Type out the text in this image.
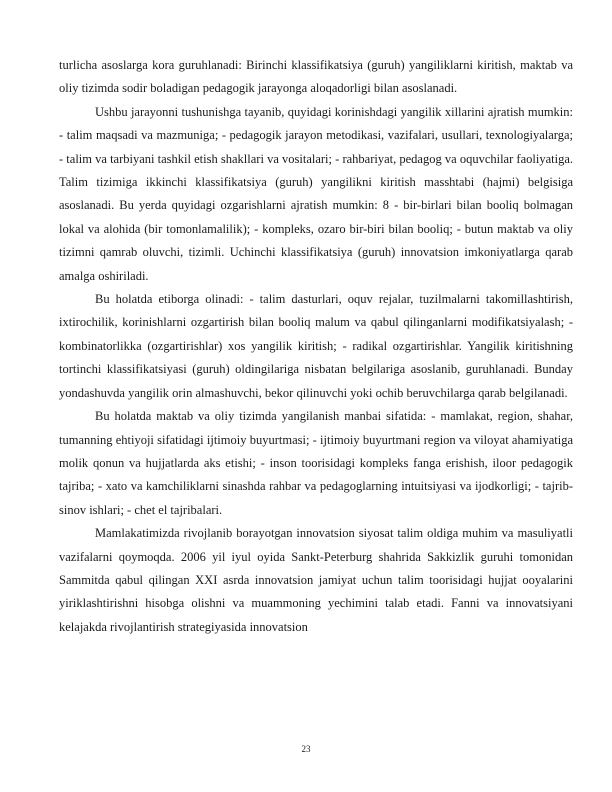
turlicha asoslarga kora guruhlanadi: Birinchi klassifikatsiya (guruh) yangiliklarni kiritish, maktab va oliy tizimda sodir boladigan pedagogik jarayonga aloqadorligi bilan asoslanadi.

Ushbu jarayonni tushunishga tayanib, quyidagi korinishdagi yangilik xillarini ajratish mumkin: - talim maqsadi va mazmuniga; - pedagogik jarayon metodikasi, vazifalari, usullari, texnologiyalarga; - talim va tarbiyani tashkil etish shakllari va vositalari; - rahbariyat, pedagog va oquvchilar faoliyatiga. Talim tizimiga ikkinchi klassifikatsiya (guruh) yangilikni kiritish masshtabi (hajmi) belgisiga asoslanadi. Bu yerda quyidagi ozgarishlarni ajratish mumkin: 8 - bir-birlari bilan booliq bolmagan lokal va alohida (bir tomonlamalilik); - kompleks, ozaro bir-biri bilan booliq; - butun maktab va oliy tizimni qamrab oluvchi, tizimli. Uchinchi klassifikatsiya (guruh) innovatsion imkoniyatlarga qarab amalga oshiriladi.

Bu holatda etiborga olinadi: - talim dasturlari, oquv rejalar, tuzilmalarni takomillashtirish, ixtirochilik, korinishlarni ozgartirish bilan booliq malum va qabul qilinganlarni modifikatsiyalash; - kombinatorlikka (ozgartirishlar) xos yangilik kiritish; - radikal ozgartirishlar. Yangilik kiritishning tortinchi klassifikatsiyasi (guruh) oldingilariga nisbatan belgilariga asoslanib, guruhlanadi. Bunday yondashuvda yangilik orin almashuvchi, bekor qilinuvchi yoki ochib beruvchilarga qarab belgilanadi.

Bu holatda maktab va oliy tizimda yangilanish manbai sifatida: - mamlakat, region, shahar, tumanning ehtiyoji sifatidagi ijtimoiy buyurtmasi; - ijtimoiy buyurtmani region va viloyat ahamiyatiga molik qonun va hujjatlarda aks etishi; - inson toorisidagi kompleks fanga erishish, iloor pedagogik tajriba; - xato va kamchiliklarni sinashda rahbar va pedagoglarning intuitsiyasi va ijodkorligi; - tajrib-sinov ishlari; - chet el tajribalari.

Mamlakatimizda rivojlanib borayotgan innovatsion siyosat talim oldiga muhim va masuliyatli vazifalarni qoymoqda. 2006 yil iyul oyida Sankt-Peterburg shahrida Sakkizlik guruhi tomonidan Sammitda qabul qilingan XXI asrda innovatsion jamiyat uchun talim toorisidagi hujjat ooyalarini yiriklashtirishni hisobga olishni va muammoning yechimini talab etadi. Fanni va innovatsiyani kelajakda rivojlantirish strategiyasida innovatsion

23
